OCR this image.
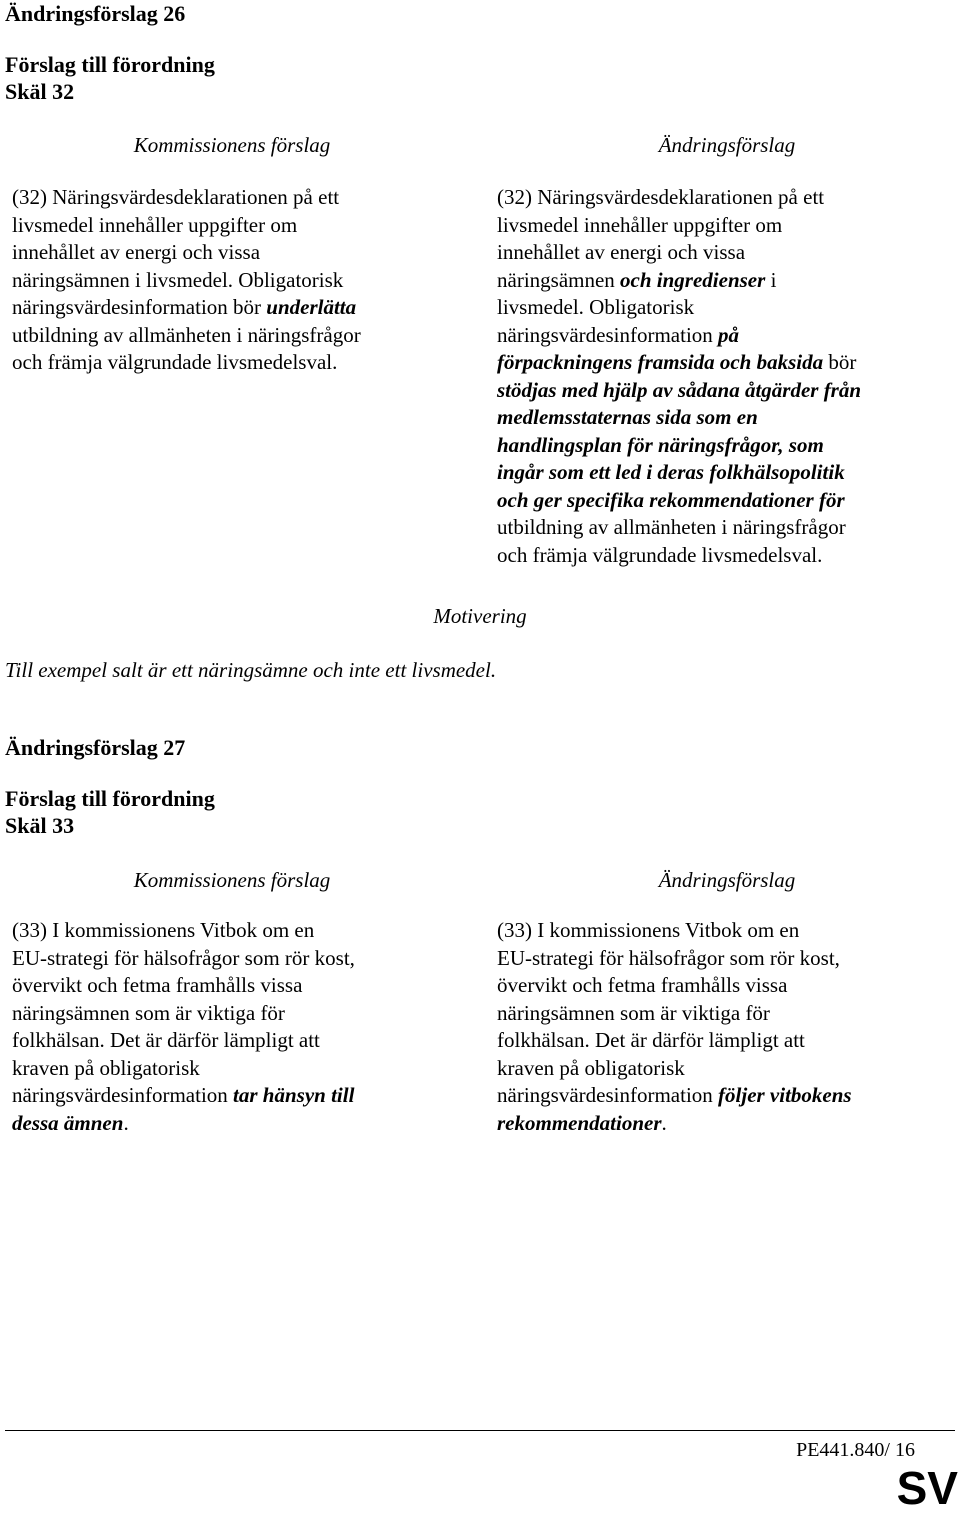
Ändringsförslag 26
Förslag till förordning
Skäl 32
Kommissionens förslag	Ändringsförslag
(32) Näringsvärdesdeklarationen på ett
livsmedel innehåller uppgifter om
innehållet av energi och vissa
näringsämnen i livsmedel. Obligatorisk
näringsvärdesinformation bör underlätta
utbildning av allmänheten i näringsfrågor
och främja välgrundade livsmedelsval.
(32) Näringsvärdesdeklarationen på ett
livsmedel innehåller uppgifter om
innehållet av energi och vissa
näringsämnen och ingredienser i
livsmedel. Obligatorisk
näringsvärdesinformation på
förpackningens framsida och baksida bör
stödjas med hjälp av sådana åtgärder från
medlemsstaternas sida som en
handlingsplan för näringsfrågor, som
ingår som ett led i deras folkhälsopolitik
och ger specifika rekommendationer för
utbildning av allmänheten i näringsfrågor
och främja välgrundade livsmedelsval.
Motivering
Till exempel salt är ett näringsämne och inte ett livsmedel.
Ändringsförslag 27
Förslag till förordning
Skäl 33
Kommissionens förslag	Ändringsförslag
(33) I kommissionens Vitbok om en
EU-strategi för hälsofrågor som rör kost,
övervikt och fetma framhålls vissa
näringsämnen som är viktiga för
folkhälsan. Det är därför lämpligt att
kraven på obligatorisk
näringsvärdesinformation tar hänsyn till
dessa ämnen.
(33) I kommissionens Vitbok om en
EU-strategi för hälsofrågor som rör kost,
övervikt och fetma framhålls vissa
näringsämnen som är viktiga för
folkhälsan. Det är därför lämpligt att
kraven på obligatorisk
näringsvärdesinformation följer vitbokens
rekommendationer.
PE441.840/ 16
SV
